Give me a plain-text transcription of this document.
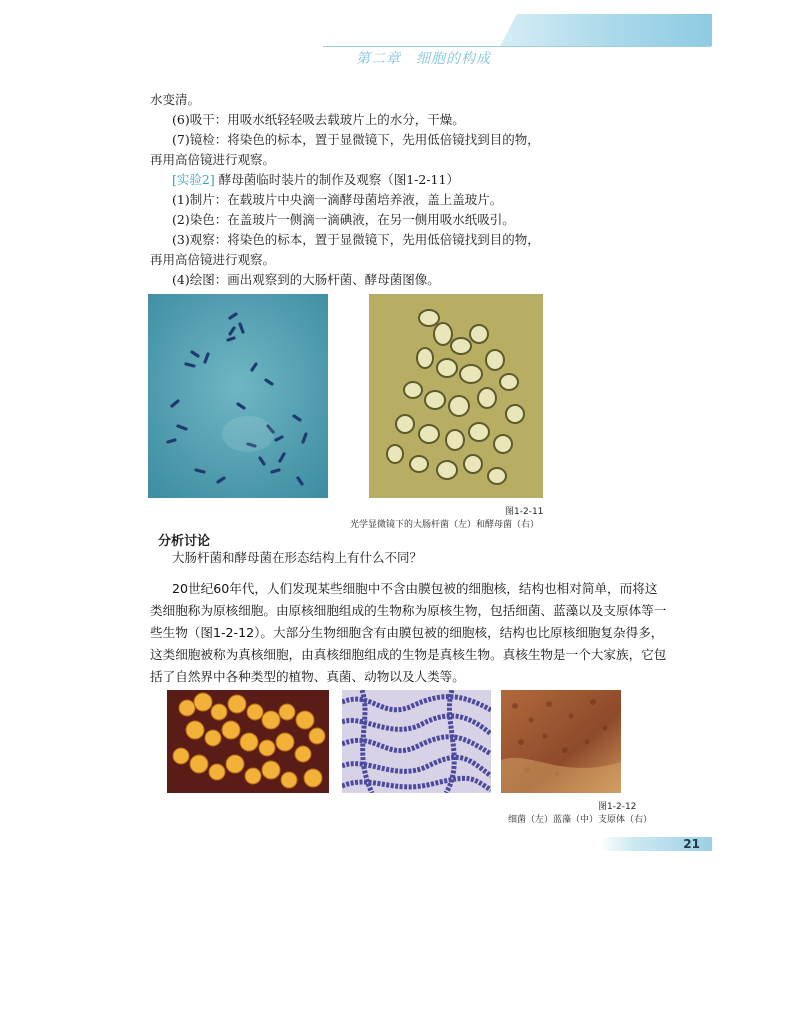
第二章　细胞的构成
水变清。
(6)吸干：用吸水纸轻轻吸去载玻片上的水分，干燥。
(7)镜检：将染色的标本，置于显微镜下，先用低倍镜找到目的物，
再用高倍镜进行观察。
[实验2] 酵母菌临时装片的制作及观察（图1-2-11）
(1)制片：在载玻片中央滴一滴酵母菌培养液，盖上盖玻片。
(2)染色：在盖玻片一侧滴一滴碘液，在另一侧用吸水纸吸引。
(3)观察：将染色的标本，置于显微镜下，先用低倍镜找到目的物，
再用高倍镜进行观察。
(4)绘图：画出观察到的大肠杆菌、酵母菌图像。
图1-2-11
光学显微镜下的大肠杆菌（左）和酵母菌（右）
分析讨论
大肠杆菌和酵母菌在形态结构上有什么不同？
20世纪60年代，人们发现某些细胞中不含由膜包被的细胞核，结构也相对简单，而将这类细胞称为原核细胞。由原核细胞组成的生物称为原核生物，包括细菌、蓝藻以及支原体等一些生物（图1-2-12）。大部分生物细胞含有由膜包被的细胞核，结构也比原核细胞复杂得多，这类细胞被称为真核细胞，由真核细胞组成的生物是真核生物。真核生物是一个大家族，它包括了自然界中各种类型的植物、真菌、动物以及人类等。
图1-2-12
细菌（左）蓝藻（中）支原体（右）
21
